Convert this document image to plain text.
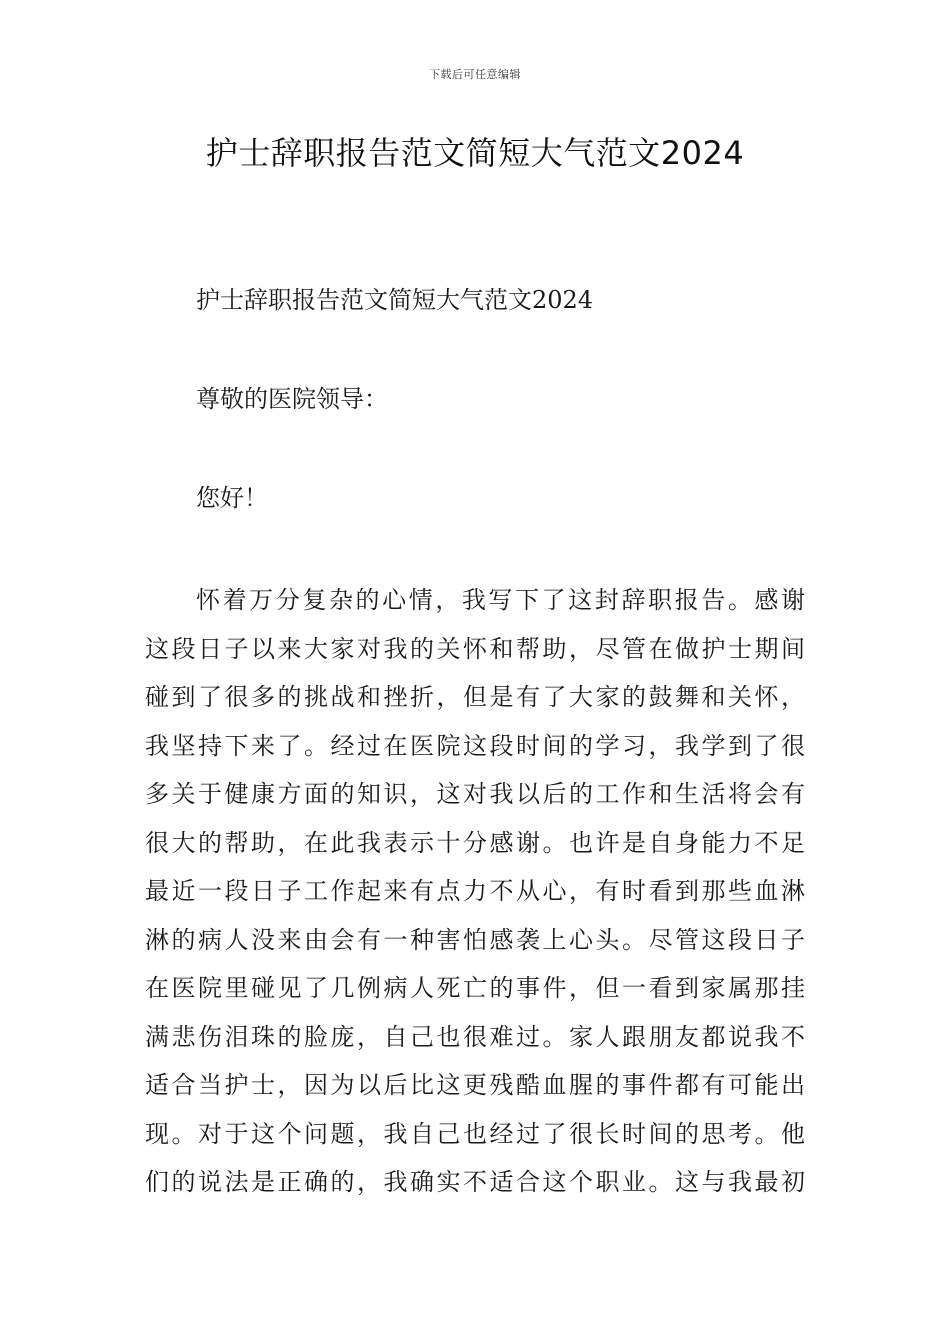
下载后可任意编辑
护士辞职报告范文简短大气范文2024
护士辞职报告范文简短大气范文2024
尊敬的医院领导：
您好！
怀着万分复杂的心情，我写下了这封辞职报告。感谢
这段日子以来大家对我的关怀和帮助，尽管在做护士期间
碰到了很多的挑战和挫折，但是有了大家的鼓舞和关怀，
我坚持下来了。经过在医院这段时间的学习，我学到了很
多关于健康方面的知识，这对我以后的工作和生活将会有
很大的帮助，在此我表示十分感谢。也许是自身能力不足
最近一段日子工作起来有点力不从心，有时看到那些血淋
淋的病人没来由会有一种害怕感袭上心头。尽管这段日子
在医院里碰见了几例病人死亡的事件，但一看到家属那挂
满悲伤泪珠的脸庞，自己也很难过。家人跟朋友都说我不
适合当护士，因为以后比这更残酷血腥的事件都有可能出
现。对于这个问题，我自己也经过了很长时间的思考。他
们的说法是正确的，我确实不适合这个职业。这与我最初
